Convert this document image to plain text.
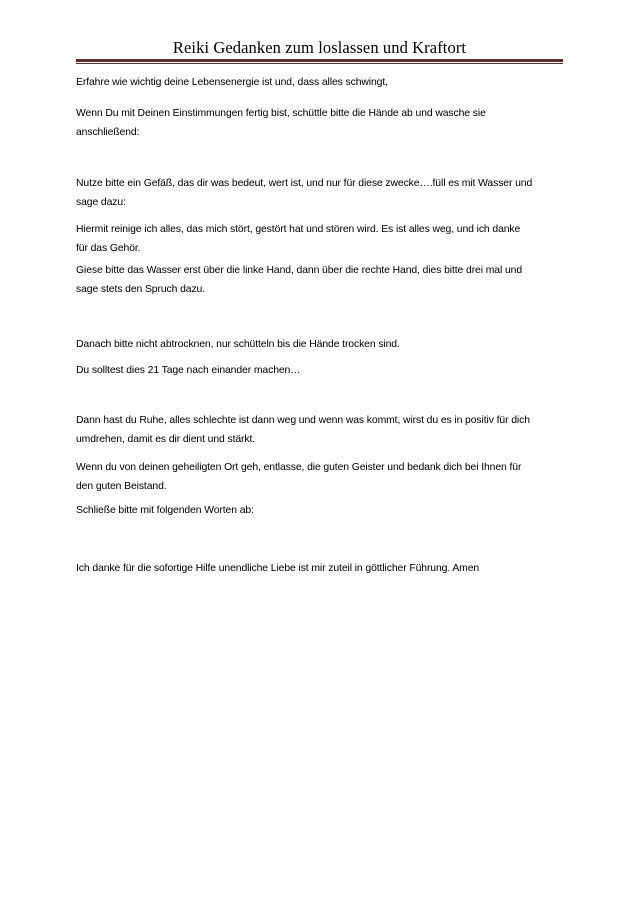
Reiki Gedanken zum loslassen und Kraftort

Erfahre wie wichtig deine Lebensenergie ist und, dass alles schwingt,

Wenn Du mit Deinen Einstimmungen fertig bist, schüttle bitte die Hände ab und wasche sie
anschließend:

Nutze bitte ein Gefäß, das dir was bedeut, wert ist, und nur für diese zwecke….füll es mit Wasser und
sage dazu:

Hiermit reinige ich alles, das mich stört, gestört hat und stören wird. Es ist alles weg, und ich danke
für das Gehör.

Giese bitte das Wasser erst über die linke Hand, dann über die rechte Hand, dies bitte drei mal und
sage stets den Spruch dazu.

Danach bitte nicht abtrocknen, nur schütteln bis die Hände trocken sind.

Du solltest dies 21 Tage nach einander machen…

Dann hast du Ruhe, alles schlechte ist dann weg und wenn was kommt, wirst du es in positiv für dich
umdrehen, damit es dir dient und stärkt.

Wenn du von deinen geheiligten Ort geh, entlasse, die guten Geister und bedank dich bei Ihnen für
den guten Beistand.

Schließe bitte mit folgenden Worten ab:

Ich danke für die sofortige Hilfe unendliche Liebe ist mir zuteil in göttlicher Führung. Amen
